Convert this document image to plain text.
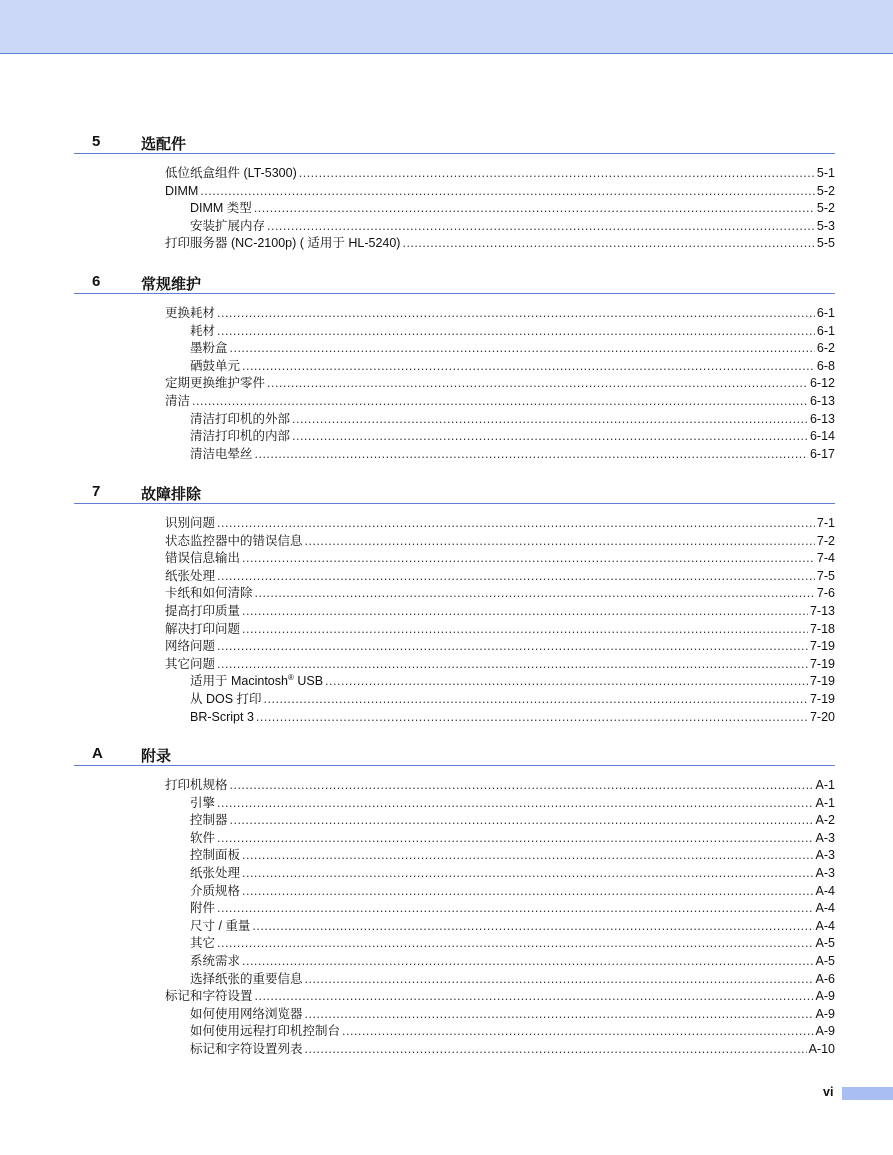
5	选配件
低位纸盒组件 (LT-5300) .....	5-1
DIMM .....	5-2
DIMM 类型 .....	5-2
安装扩展内存 .....	5-3
打印服务器 (NC-2100p) ( 适用于 HL-5240) .....	5-5
6	常规维护
更换耗材 .....	6-1
耗材 .....	6-1
墨粉盒 .....	6-2
硒鼓单元 .....	6-8
定期更换维护零件 .....	6-12
清洁 .....	6-13
清洁打印机的外部 .....	6-13
清洁打印机的内部 .....	6-14
清洁电晕丝 .....	6-17
7	故障排除
识别问题 .....	7-1
状态监控器中的错误信息 .....	7-2
错误信息输出 .....	7-4
纸张处理 .....	7-5
卡纸和如何清除 .....	7-6
提高打印质量 .....	7-13
解决打印问题 .....	7-18
网络问题 .....	7-19
其它问题 .....	7-19
适用于 Macintosh® USB .....	7-19
从 DOS 打印 .....	7-19
BR-Script 3 .....	7-20
A	附录
打印机规格 .....	A-1
引擎 .....	A-1
控制器 .....	A-2
软件 .....	A-3
控制面板 .....	A-3
纸张处理 .....	A-3
介质规格 .....	A-4
附件 .....	A-4
尺寸 / 重量 .....	A-4
其它 .....	A-5
系统需求 .....	A-5
选择纸张的重要信息 .....	A-6
标记和字符设置 .....	A-9
如何使用网络浏览器 .....	A-9
如何使用远程打印机控制台 .....	A-9
标记和字符设置列表 .....	A-10
vi
